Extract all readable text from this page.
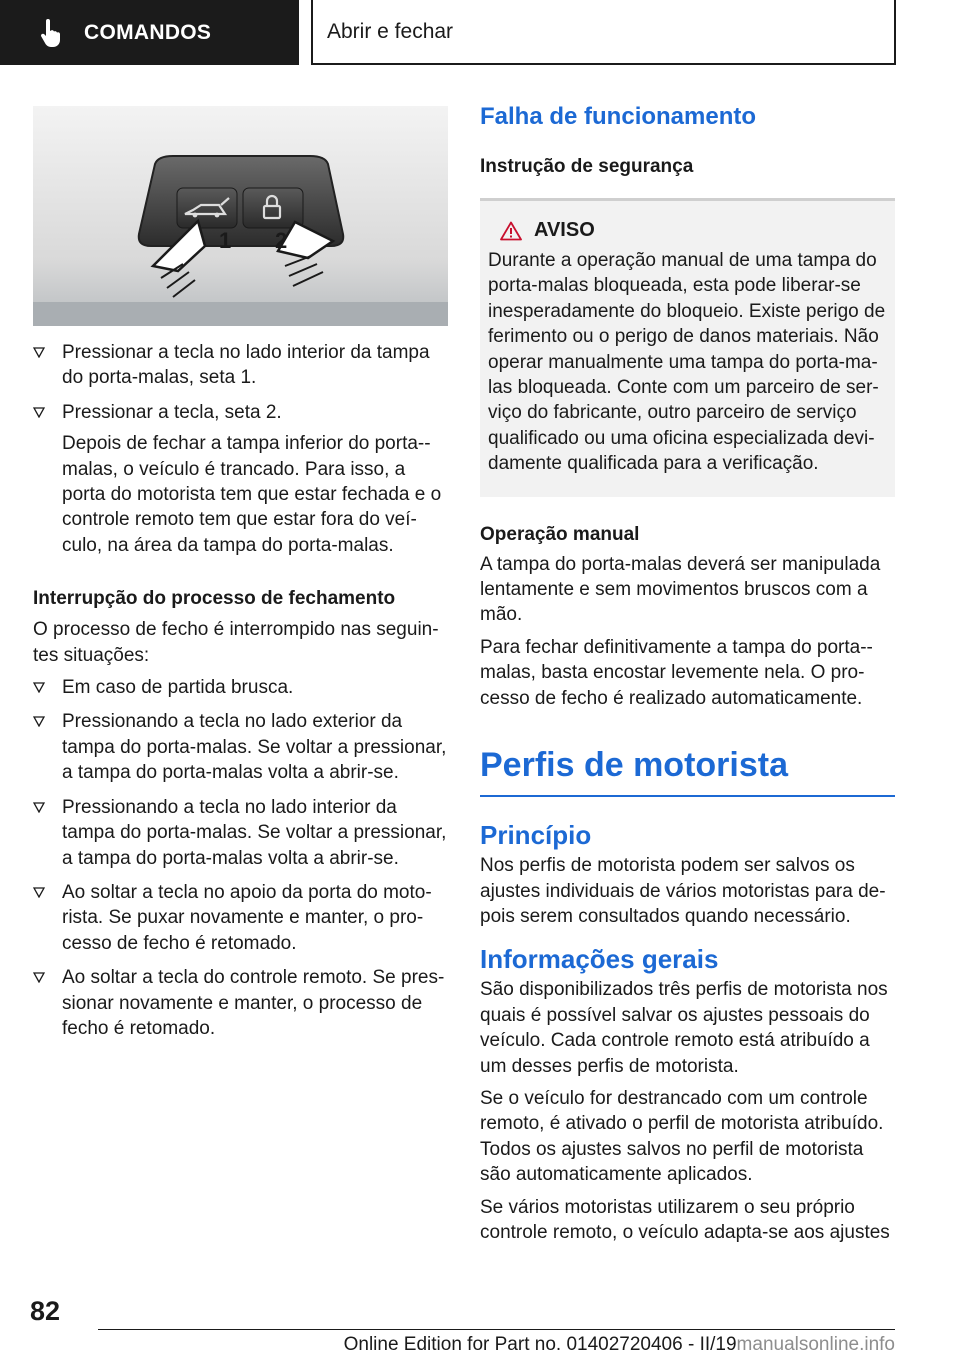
COMANDOS	Abrir e fechar
1 2
Pressionar a tecla no lado interior da tampa do porta-malas, seta 1.
Pressionar a tecla, seta 2.

Depois de fechar a tampa inferior do porta--malas, o veículo é trancado. Para isso, a porta do motorista tem que estar fechada e o controle remoto tem que estar fora do veí-culo, na área da tampa do porta-malas.

Interrupção do processo de fechamento

O processo de fecho é interrompido nas seguin-tes situações:

Em caso de partida brusca.
Pressionando a tecla no lado exterior da tampa do porta-malas. Se voltar a pressionar, a tampa do porta-malas volta a abrir-se.
Pressionando a tecla no lado interior da tampa do porta-malas. Se voltar a pressionar, a tampa do porta-malas volta a abrir-se.
Ao soltar a tecla no apoio da porta do moto-rista. Se puxar novamente e manter, o pro-cesso de fecho é retomado.
Ao soltar a tecla do controle remoto. Se pres-sionar novamente e manter, o processo de fecho é retomado.

Falha de funcionamento

Instrução de segurança

AVISO

Durante a operação manual de uma tampa do porta-malas bloqueada, esta pode liberar-se inesperadamente do bloqueio. Existe perigo de ferimento ou o perigo de danos materiais. Não operar manualmente uma tampa do porta-ma-las bloqueada. Conte com um parceiro de ser-viço do fabricante, outro parceiro de serviço qualificado ou uma oficina especializada devi-damente qualificada para a verificação.

Operação manual

A tampa do porta-malas deverá ser manipulada lentamente e sem movimentos bruscos com a mão.

Para fechar definitivamente a tampa do porta--malas, basta encostar levemente nela. O pro-cesso de fecho é realizado automaticamente.

Perfis de motorista

Princípio

Nos perfis de motorista podem ser salvos os ajustes individuais de vários motoristas para de-pois serem consultados quando necessário.

Informações gerais

São disponibilizados três perfis de motorista nos quais é possível salvar os ajustes pessoais do veículo. Cada controle remoto está atribuído a um desses perfis de motorista.

Se o veículo for destrancado com um controle remoto, é ativado o perfil de motorista atribuído. Todos os ajustes salvos no perfil de motorista são automaticamente aplicados.

Se vários motoristas utilizarem o seu próprio controle remoto, o veículo adapta-se aos ajustes

82
Online Edition for Part no. 01402720406 - II/19manualsonline.info
